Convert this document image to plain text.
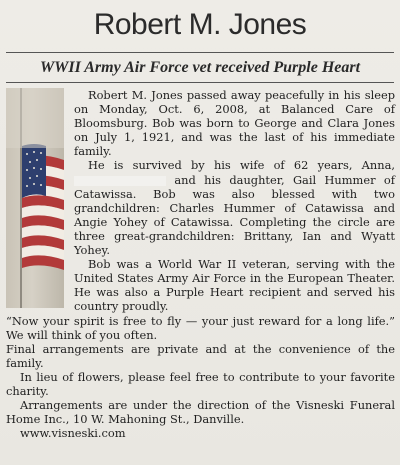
Robert M. Jones
WWII Army Air Force vet received Purple Heart

Robert M. Jones passed away peacefully in his sleep on Monday, Oct. 6, 2008, at Balanced Care of Bloomsburg. Bob was born to George and Clara Jones on July 1, 1921, and was the last of his immediate family.

He is survived by his wife of 62 years, Anna,  and his daughter, Gail Hummer of Catawissa. Bob was also blessed with two grandchildren: Charles Hummer of Catawissa and Angie Yohey of Catawissa. Completing the circle are three great-grandchildren: Brittany, Ian and Wyatt Yohey.

Bob was a World War II veteran, serving with the United States Army Air Force in the European Theater. He was also a Purple Heart recipient and served his country proudly.

“Now your spirit is free to fly — your just reward for a long life.” We will think of you often.

Final arrangements are private and at the convenience of the family.

In lieu of flowers, please feel free to contribute to your favorite charity.

Arrangements are under the direction of the Visneski Funeral Home Inc., 10 W. Mahoning St., Danville.

www.visneski.com
